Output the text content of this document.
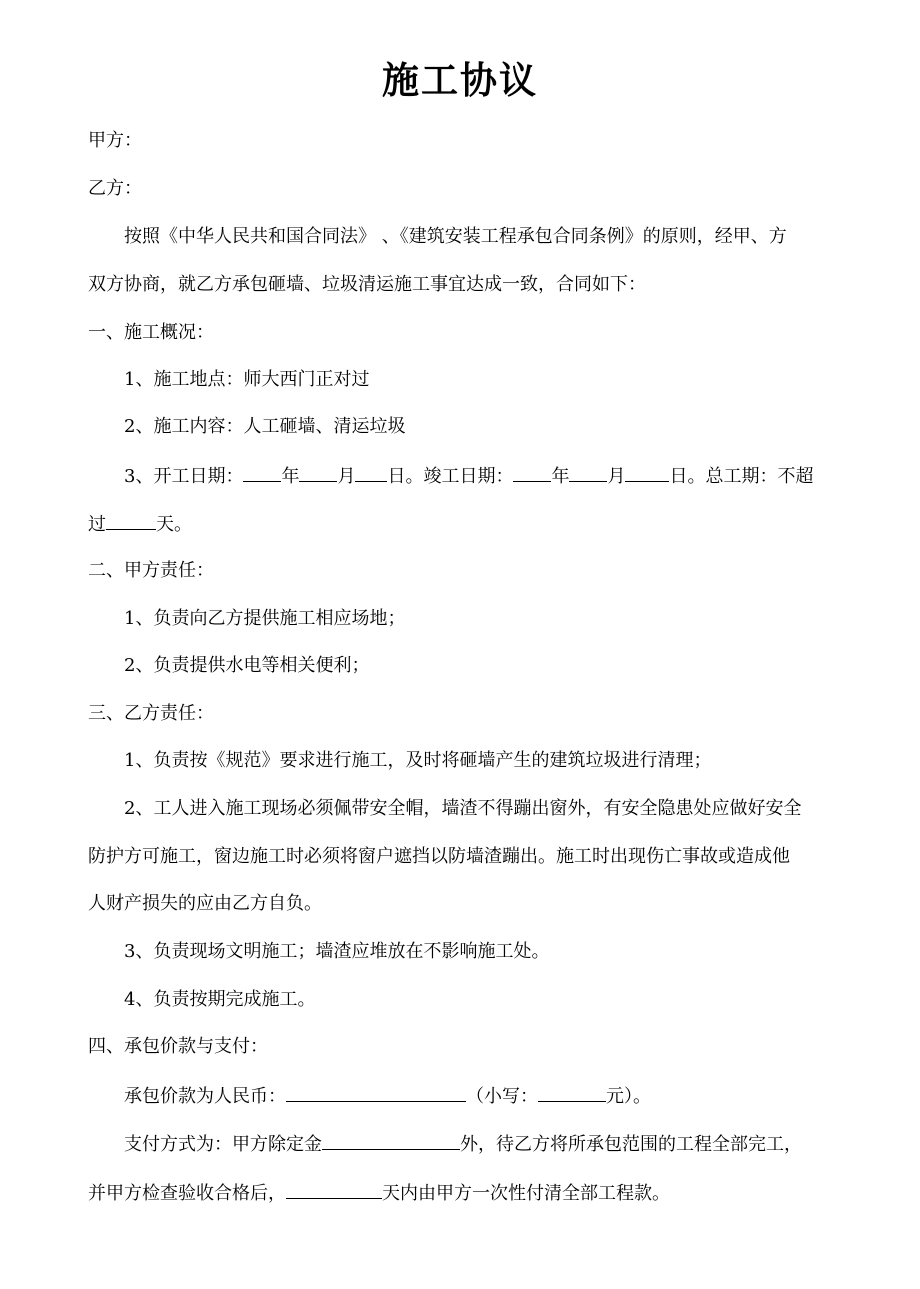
施工协议
甲方：
乙方：
按照《中华人民共和国合同法》 、《建筑安装工程承包合同条例》的原则，经甲、方
双方协商，就乙方承包砸墙、垃圾清运施工事宜达成一致，合同如下：
一、施工概况：
1、施工地点：师大西门正对过
2、施工内容：人工砸墙、清运垃圾
3、开工日期： 年 月 日。竣工日期： 年 月 日。总工期：不超
过	天。
二、甲方责任：
1、负责向乙方提供施工相应场地；
2、负责提供水电等相关便利；
三、乙方责任：
1、负责按《规范》要求进行施工，及时将砸墙产生的建筑垃圾进行清理；
2、工人进入施工现场必须佩带安全帽，墙渣不得蹦出窗外，有安全隐患处应做好安全
防护方可施工，窗边施工时必须将窗户遮挡以防墙渣蹦出。施工时出现伤亡事故或造成他
人财产损失的应由乙方自负。
3、负责现场文明施工；墙渣应堆放在不影响施工处。
4、负责按期完成施工。
四、承包价款与支付：
承包价款为人民币：	（小写：	元）。
支付方式为：甲方除定金	外，待乙方将所承包范围的工程全部完工，
并甲方检查验收合格后，	天内由甲方一次性付清全部工程款。
